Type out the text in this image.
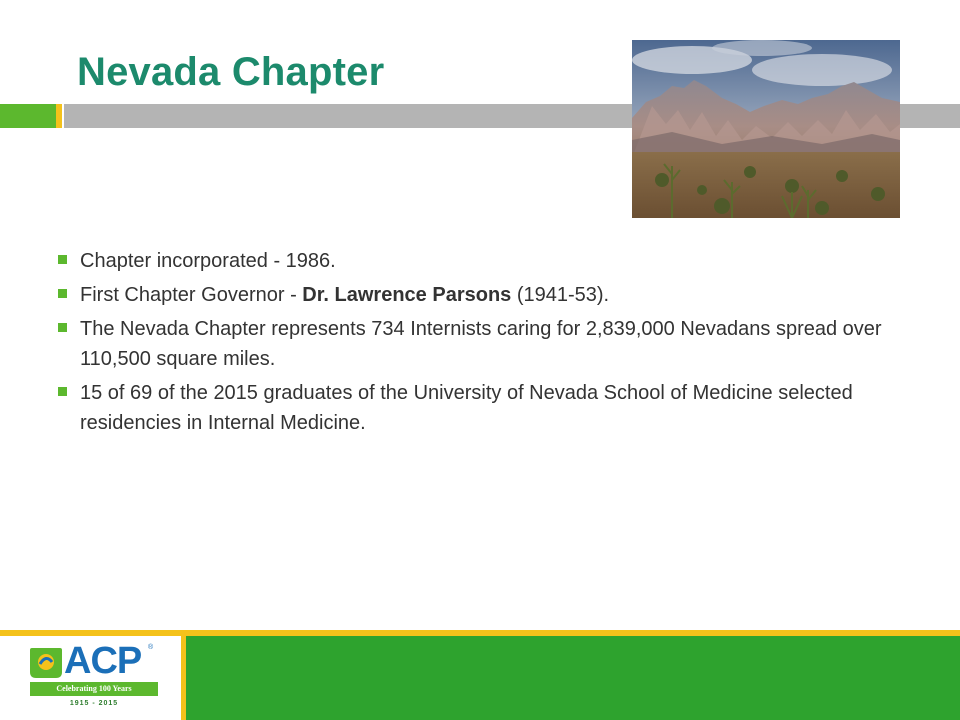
Nevada Chapter
Chapter incorporated - 1986.
First Chapter Governor - Dr. Lawrence Parsons (1941-53).
The Nevada Chapter represents 734 Internists caring for 2,839,000 Nevadans spread over 110,500 square miles.
15 of 69 of the 2015 graduates of the University of Nevada School of Medicine selected residencies in Internal Medicine.
ACP ®
Celebrating 100 Years
1915 - 2015
